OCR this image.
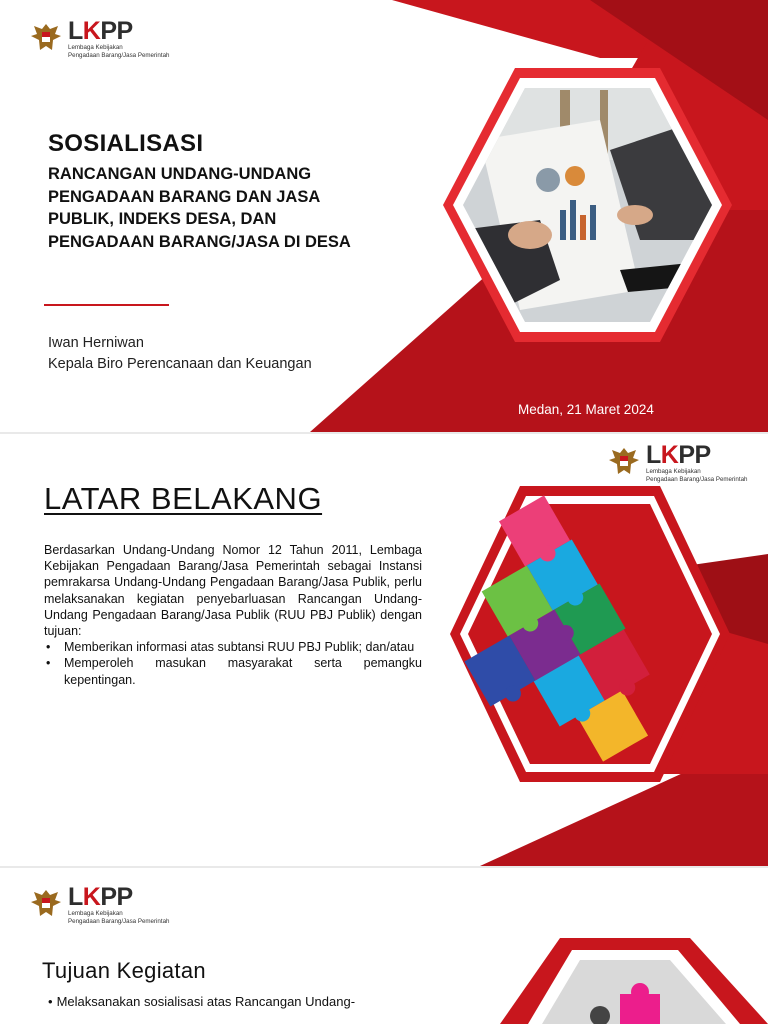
LKPP
Lembaga Kebijakan
Pengadaan Barang/Jasa Pemerintah
SOSIALISASI
RANCANGAN UNDANG-UNDANG
PENGADAAN BARANG DAN JASA
PUBLIK, INDEKS DESA, DAN
PENGADAAN BARANG/JASA DI DESA
Iwan Herniwan
Kepala Biro Perencanaan dan Keuangan
Medan, 21 Maret 2024
LKPP
Lembaga Kebijakan
Pengadaan Barang/Jasa Pemerintah
LATAR BELAKANG

Berdasarkan Undang-Undang Nomor 12 Tahun 2011, Lembaga Kebijakan Pengadaan Barang/Jasa Pemerintah sebagai Instansi pemrakarsa Undang-Undang Pengadaan Barang/Jasa Publik, perlu melaksanakan kegiatan penyebarluasan Rancangan Undang-Undang Pengadaan Barang/Jasa Publik (RUU PBJ Publik) dengan tujuan:

• Memberikan informasi atas subtansi RUU PBJ Publik; dan/atau
• Memperoleh masukan masyarakat serta pemangku kepentingan.
LKPP
Lembaga Kebijakan
Pengadaan Barang/Jasa Pemerintah
Tujuan Kegiatan
• Melaksanakan sosialisasi atas Rancangan Undang-
